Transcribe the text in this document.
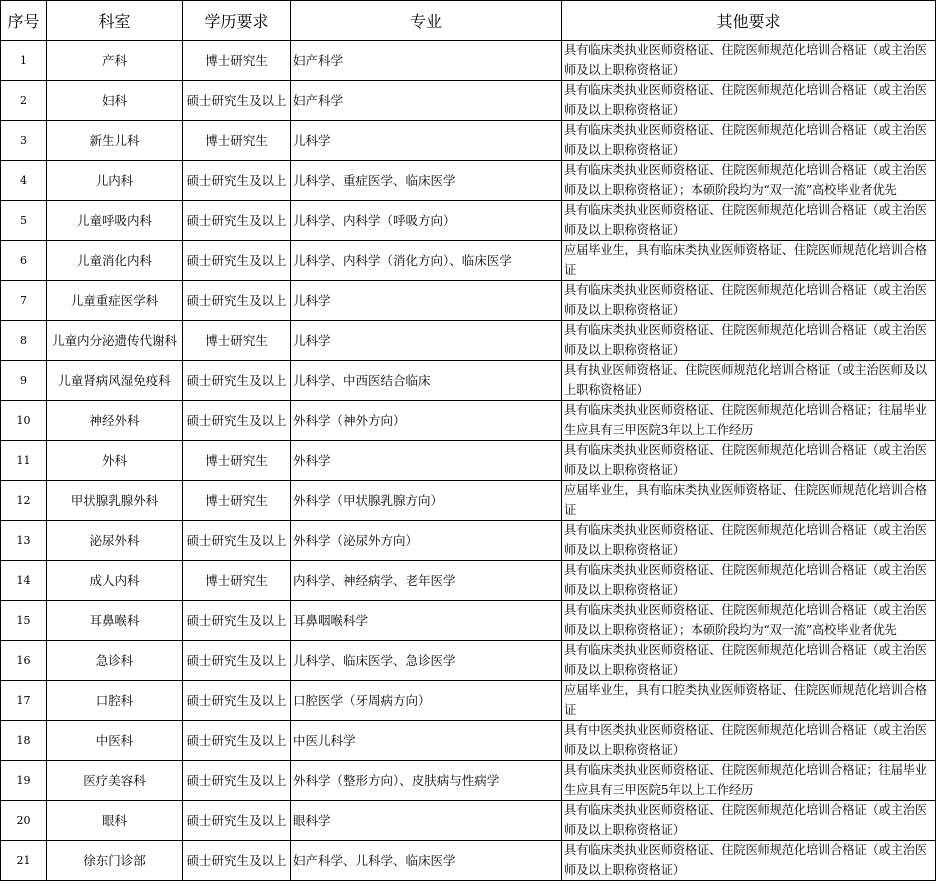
序号	科室	学历要求	专业	其他要求
1	产科	博士研究生	妇产科学	具有临床类执业医师资格证、住院医师规范化培训合格证（或主治医师及以上职称资格证）
2	妇科	硕士研究生及以上	妇产科学	具有临床类执业医师资格证、住院医师规范化培训合格证（或主治医师及以上职称资格证）
3	新生儿科	博士研究生	儿科学	具有临床类执业医师资格证、住院医师规范化培训合格证（或主治医师及以上职称资格证）
4	儿内科	硕士研究生及以上	儿科学、重症医学、临床医学	具有临床类执业医师资格证、住院医师规范化培训合格证（或主治医师及以上职称资格证）；本硕阶段均为“双一流”高校毕业者优先
5	儿童呼吸内科	硕士研究生及以上	儿科学、内科学（呼吸方向）	具有临床类执业医师资格证、住院医师规范化培训合格证（或主治医师及以上职称资格证）
6	儿童消化内科	硕士研究生及以上	儿科学、内科学（消化方向）、临床医学	应届毕业生，具有临床类执业医师资格证、住院医师规范化培训合格证
7	儿童重症医学科	硕士研究生及以上	儿科学	具有临床类执业医师资格证、住院医师规范化培训合格证（或主治医师及以上职称资格证）
8	儿童内分泌遗传代谢科	博士研究生	儿科学	具有临床类执业医师资格证、住院医师规范化培训合格证（或主治医师及以上职称资格证）
9	儿童肾病风湿免疫科	硕士研究生及以上	儿科学、中西医结合临床	具有执业医师资格证、住院医师规范化培训合格证（或主治医师及以上职称资格证）
10	神经外科	硕士研究生及以上	外科学（神外方向）	具有临床类执业医师资格证、住院医师规范化培训合格证；往届毕业生应具有三甲医院3年以上工作经历
11	外科	博士研究生	外科学	具有临床类执业医师资格证、住院医师规范化培训合格证（或主治医师及以上职称资格证）
12	甲状腺乳腺外科	博士研究生	外科学（甲状腺乳腺方向）	应届毕业生，具有临床类执业医师资格证、住院医师规范化培训合格证
13	泌尿外科	硕士研究生及以上	外科学（泌尿外方向）	具有临床类执业医师资格证、住院医师规范化培训合格证（或主治医师及以上职称资格证）
14	成人内科	博士研究生	内科学、神经病学、老年医学	具有临床类执业医师资格证、住院医师规范化培训合格证（或主治医师及以上职称资格证）
15	耳鼻喉科	硕士研究生及以上	耳鼻咽喉科学	具有临床类执业医师资格证、住院医师规范化培训合格证（或主治医师及以上职称资格证）；本硕阶段均为“双一流”高校毕业者优先
16	急诊科	硕士研究生及以上	儿科学、临床医学、急诊医学	具有临床类执业医师资格证、住院医师规范化培训合格证（或主治医师及以上职称资格证）
17	口腔科	硕士研究生及以上	口腔医学（牙周病方向）	应届毕业生，具有口腔类执业医师资格证、住院医师规范化培训合格证
18	中医科	硕士研究生及以上	中医儿科学	具有中医类执业医师资格证、住院医师规范化培训合格证（或主治医师及以上职称资格证）
19	医疗美容科	硕士研究生及以上	外科学（整形方向）、皮肤病与性病学	具有临床类执业医师资格证、住院医师规范化培训合格证；往届毕业生应具有三甲医院5年以上工作经历
20	眼科	硕士研究生及以上	眼科学	具有临床类执业医师资格证、住院医师规范化培训合格证（或主治医师及以上职称资格证）
21	徐东门诊部	硕士研究生及以上	妇产科学、儿科学、临床医学	具有临床类执业医师资格证、住院医师规范化培训合格证（或主治医师及以上职称资格证）
